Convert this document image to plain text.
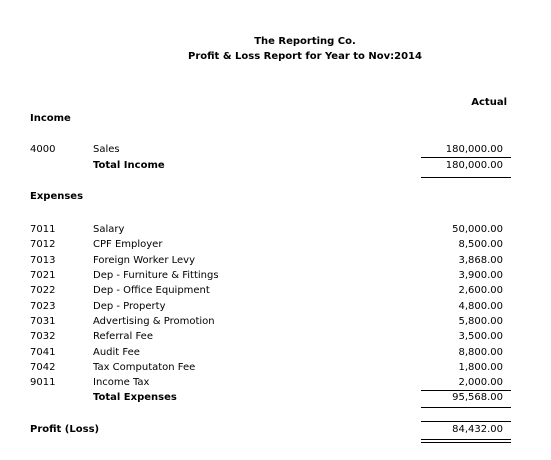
The Reporting Co.
Profit & Loss Report for Year to Nov:2014
Actual
Income
4000	Sales	180,000.00
Total Income	180,000.00
Expenses
7011	Salary	50,000.00
7012	CPF Employer	8,500.00
7013	Foreign Worker Levy	3,868.00
7021	Dep - Furniture & Fittings	3,900.00
7022	Dep - Office Equipment	2,600.00
7023	Dep - Property	4,800.00
7031	Advertising & Promotion	5,800.00
7032	Referral Fee	3,500.00
7041	Audit Fee	8,800.00
7042	Tax Computaton Fee	1,800.00
9011	Income Tax	2,000.00
Total Expenses	95,568.00
Profit (Loss)	84,432.00
